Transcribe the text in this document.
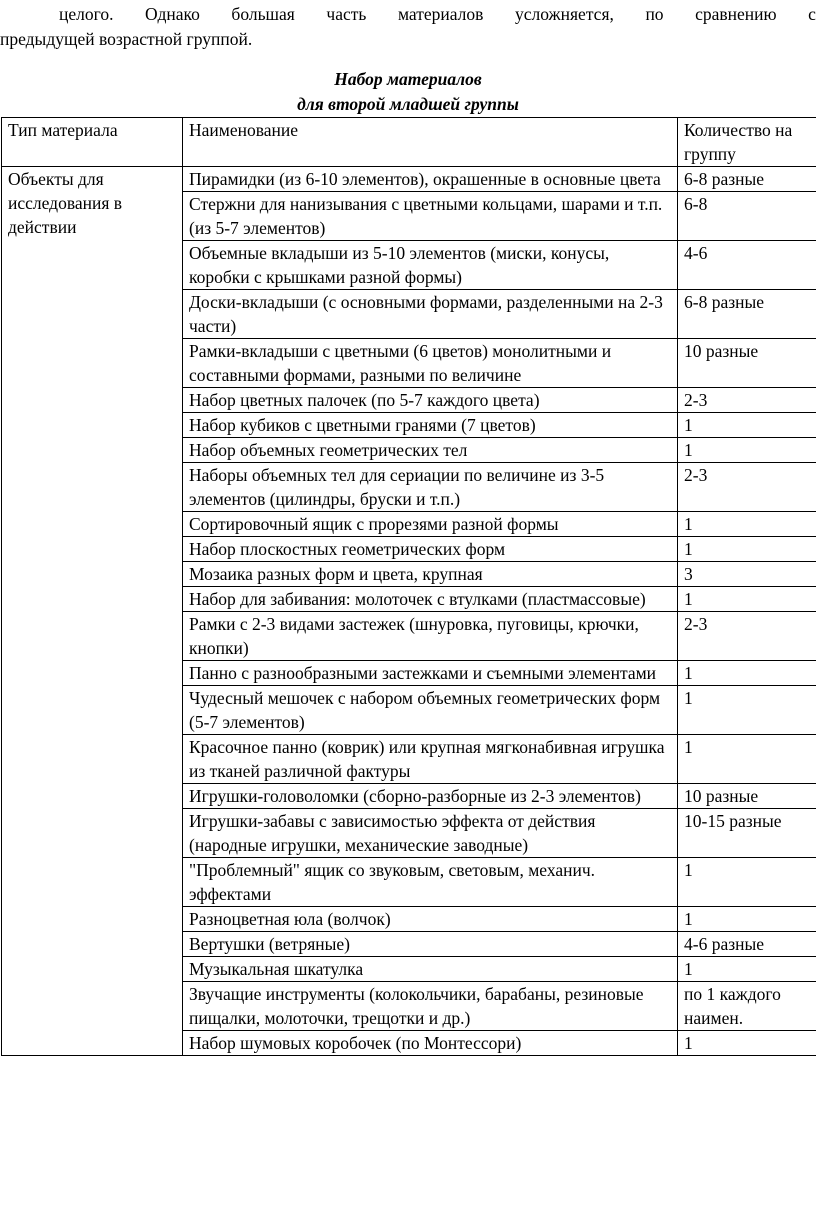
целого. Однако большая часть материалов усложняется, по сравнению с
предыдущей возрастной группой.
Набор материалов
для второй младшей группы
Тип материала	Наименование	Количество на группу
Объекты для исследования в действии	Пирамидки (из 6-10 элементов), окрашенные в основные цвета	6-8 разные
	Стержни для нанизывания с цветными кольцами, шарами и т.п. (из 5-7 элементов)	6-8
	Объемные вкладыши из 5-10 элементов (миски, конусы, коробки с крышками разной формы)	4-6
	Доски-вкладыши (с основными формами, разделенными на 2-3 части)	6-8 разные
	Рамки-вкладыши с цветными (6 цветов) монолитными и составными формами, разными по величине	10 разные
	Набор цветных палочек (по 5-7 каждого цвета)	2-3
	Набор кубиков с цветными гранями (7 цветов)	1
	Набор объемных геометрических тел	1
	Наборы объемных тел для сериации по величине из 3-5 элементов (цилиндры, бруски и т.п.)	2-3
	Сортировочный ящик с прорезями разной формы	1
	Набор плоскостных геометрических форм	1
	Мозаика разных форм и цвета, крупная	3
	Набор для забивания: молоточек с втулками (пластмассовые)	1
	Рамки с 2-3 видами застежек (шнуровка, пуговицы, крючки, кнопки)	2-3
	Панно с разнообразными застежками и съемными элементами	1
	Чудесный мешочек с набором объемных геометрических форм (5-7 элементов)	1
	Красочное панно (коврик) или крупная мягконабивная игрушка из тканей различной фактуры	1
	Игрушки-головоломки (сборно-разборные из 2-3 элементов)	10 разные
	Игрушки-забавы с зависимостью эффекта от действия (народные игрушки, механические заводные)	10-15 разные
	"Проблемный" ящик со звуковым, световым, механич. эффектами	1
	Разноцветная юла (волчок)	1
	Вертушки (ветряные)	4-6 разные
	Музыкальная шкатулка	1
	Звучащие инструменты (колокольчики, барабаны, резиновые пищалки, молоточки, трещотки и др.)	по 1 каждого наимен.
	Набор шумовых коробочек (по Монтессори)	1
